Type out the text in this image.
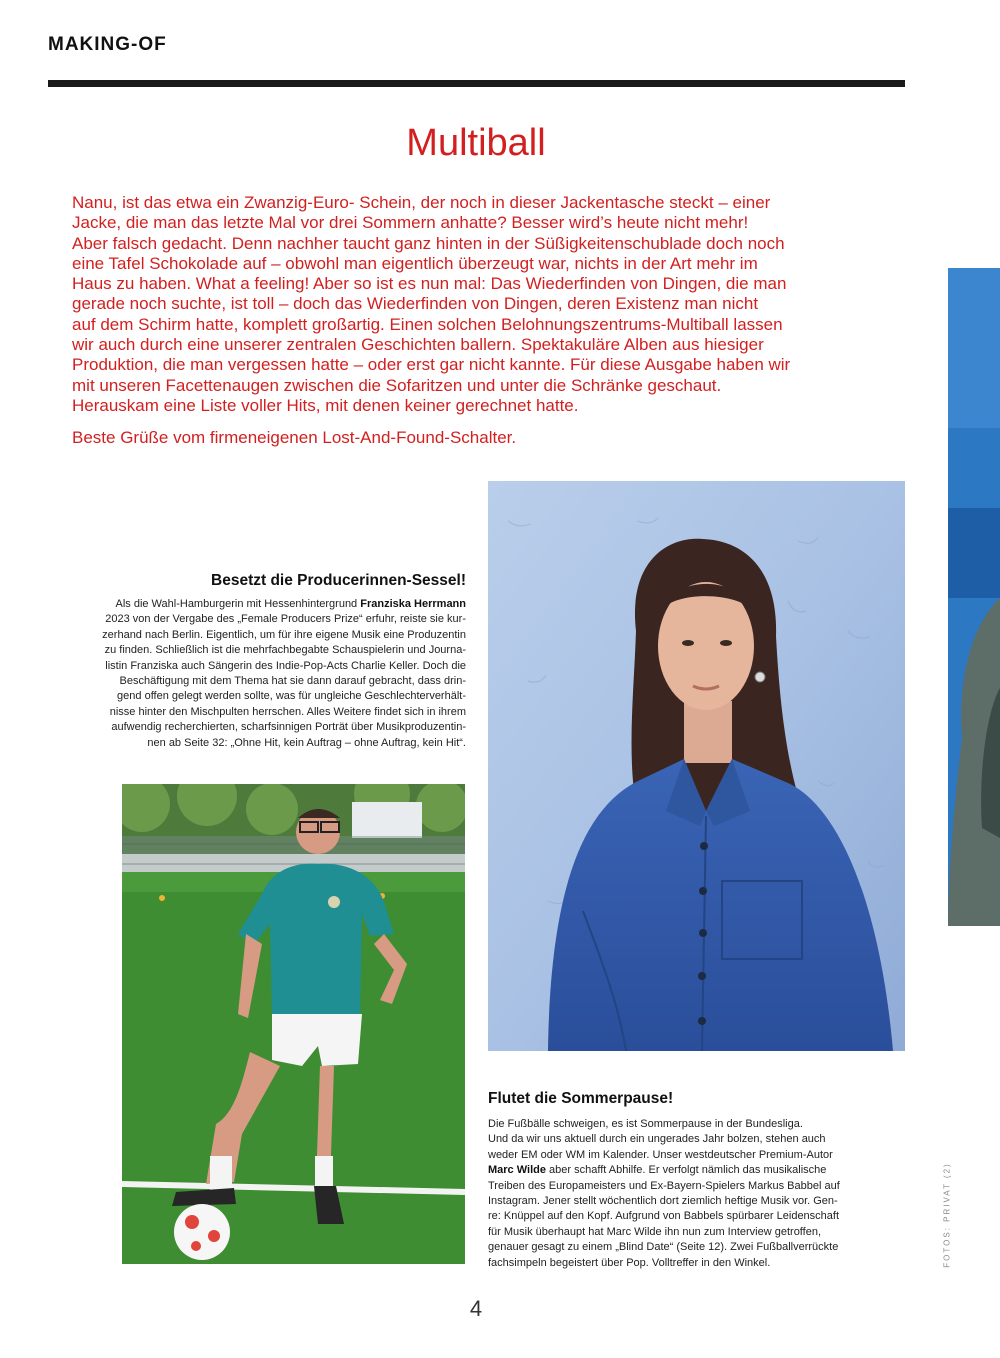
MAKING-OF
Multiball

Nanu, ist das etwa ein Zwanzig-Euro- Schein, der noch in dieser Jackentasche steckt – einer
Jacke, die man das letzte Mal vor drei Sommern anhatte? Besser wird’s heute nicht mehr!
Aber falsch gedacht. Denn nachher taucht ganz hinten in der Süßigkeitenschublade doch noch
eine Tafel Schokolade auf – obwohl man eigentlich überzeugt war, nichts in der Art mehr im
Haus zu haben. What a feeling! Aber so ist es nun mal: Das Wiederfinden von Dingen, die man
gerade noch suchte, ist toll – doch das Wiederfinden von Dingen, deren Existenz man nicht
auf dem Schirm hatte, komplett großartig. Einen solchen Belohnungszentrums-Multiball lassen
wir auch durch eine unserer zentralen Geschichten ballern. Spektakuläre Alben aus hiesiger
Produktion, die man vergessen hatte – oder erst gar nicht kannte. Für diese Ausgabe haben wir
mit unseren Facettenaugen zwischen die Sofaritzen und unter die Schränke geschaut.
Herauskam eine Liste voller Hits, mit denen keiner gerechnet hatte.

Beste Grüße vom firmeneigenen Lost-And-Found-Schalter.

Besetzt die Producerinnen-Sessel!
Als die Wahl-Hamburgerin mit Hessenhintergrund Franziska Herrmann
2023 von der Vergabe des „Female Producers Prize“ erfuhr, reiste sie kur-
zerhand nach Berlin. Eigentlich, um für ihre eigene Musik eine Produzentin
zu finden. Schließlich ist die mehrfachbegabte Schauspielerin und Journa-
listin Franziska auch Sängerin des Indie-Pop-Acts Charlie Keller. Doch die
Beschäftigung mit dem Thema hat sie dann darauf gebracht, dass drin-
gend offen gelegt werden sollte, was für ungleiche Geschlechterverhält-
nisse hinter den Mischpulten herrschen. Alles Weitere findet sich in ihrem
aufwendig recherchierten, scharfsinnigen Porträt über Musikproduzentin-
nen ab Seite 32: „Ohne Hit, kein Auftrag – ohne Auftrag, kein Hit“.
Flutet die Sommerpause!
Die Fußbälle schweigen, es ist Sommerpause in der Bundesliga.
Und da wir uns aktuell durch ein ungerades Jahr bolzen, stehen auch
weder EM oder WM im Kalender. Unser westdeutscher Premium-Autor
Marc Wilde aber schafft Abhilfe. Er verfolgt nämlich das musikalische
Treiben des Europameisters und Ex-Bayern-Spielers Markus Babbel auf
Instagram. Jener stellt wöchentlich dort ziemlich heftige Musik vor. Gen-
re: Knüppel auf den Kopf. Aufgrund von Babbels spürbarer Leidenschaft
für Musik überhaupt hat Marc Wilde ihn nun zum Interview getroffen,
genauer gesagt zu einem „Blind Date“ (Seite 12). Zwei Fußballverrückte
fachsimpeln begeistert über Pop. Volltreffer in den Winkel.	FOTOS: PRIVAT (2)
4
